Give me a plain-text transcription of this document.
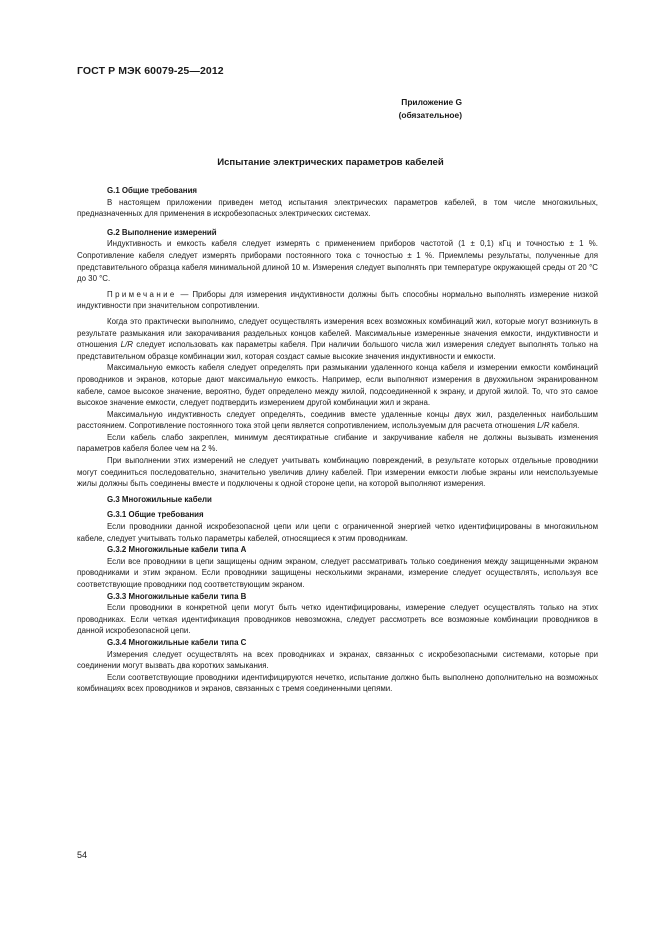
ГОСТ Р МЭК 60079-25—2012
Приложение G
(обязательное)
Испытание электрических параметров кабелей

G.1 Общие требования

В настоящем приложении приведен метод испытания электрических параметров кабелей, в том числе многожильных, предназначенных для применения в искробезопасных электрических системах.

G.2 Выполнение измерений

Индуктивность и емкость кабеля следует измерять с применением приборов частотой (1 ± 0,1) кГц и точностью ± 1 %. Сопротивление кабеля следует измерять приборами постоянного тока с точностью ± 1 %. Приемлемы результаты, полученные для представительного образца кабеля минимальной длиной 10 м. Измерения следует выполнять при температуре окружающей среды от 20 °С до 30 °С.

Примечание — Приборы для измерения индуктивности должны быть способны нормально выполнять измерение низкой индуктивности при значительном сопротивлении.

Когда это практически выполнимо, следует осуществлять измерения всех возможных комбинаций жил, которые могут возникнуть в результате размыкания или закорачивания раздельных концов кабелей. Максимальные измеренные значения емкости, индуктивности и отношения L/R следует использовать как параметры кабеля. При наличии большого числа жил измерения следует выполнять только на представительном образце комбинации жил, которая создаст самые высокие значения индуктивности и емкости.

Максимальную емкость кабеля следует определять при размыкании удаленного конца кабеля и измерении емкости комбинаций проводников и экранов, которые дают максимальную емкость. Например, если выполняют измерения в двухжильном экранированном кабеле, самое высокое значение, вероятно, будет определено между жилой, подсоединенной к экрану, и другой жилой. То, что это самое высокое значение емкости, следует подтвердить измерением другой комбинации жил и экрана.

Максимальную индуктивность следует определять, соединив вместе удаленные концы двух жил, разделенных наибольшим расстоянием. Сопротивление постоянного тока этой цепи является сопротивлением, используемым для расчета отношения L/R кабеля.

Если кабель слабо закреплен, минимум десятикратные сгибание и закручивание кабеля не должны вызывать изменения параметров кабеля более чем на 2 %.

При выполнении этих измерений не следует учитывать комбинацию повреждений, в результате которых отдельные проводники могут соединиться последовательно, значительно увеличив длину кабелей. При измерении емкости любые экраны или неиспользуемые жилы должны быть соединены вместе и подключены к одной стороне цепи, на которой выполняют измерения.

G.3 Многожильные кабели

G.3.1 Общие требования

Если проводники данной искробезопасной цепи или цепи с ограниченной энергией четко идентифицированы в многожильном кабеле, следует учитывать только параметры кабелей, относящиеся к этим проводникам.

G.3.2 Многожильные кабели типа А

Если все проводники в цепи защищены одним экраном, следует рассматривать только соединения между защищенными экраном проводниками и этим экраном. Если проводники защищены несколькими экранами, измерение следует осуществлять, используя все соответствующие проводники под соответствующим экраном.

G.3.3 Многожильные кабели типа В

Если проводники в конкретной цепи могут быть четко идентифицированы, измерение следует осуществлять только на этих проводниках. Если четкая идентификация проводников невозможна, следует рассмотреть все возможные комбинации проводников в данной искробезопасной цепи.

G.3.4 Многожильные кабели типа С

Измерения следует осуществлять на всех проводниках и экранах, связанных с искробезопасными системами, которые при соединении могут вызвать два коротких замыкания.

Если соответствующие проводники идентифицируются нечетко, испытание должно быть выполнено дополнительно на возможных комбинациях всех проводников и экранов, связанных с тремя соединенными цепями.

54
